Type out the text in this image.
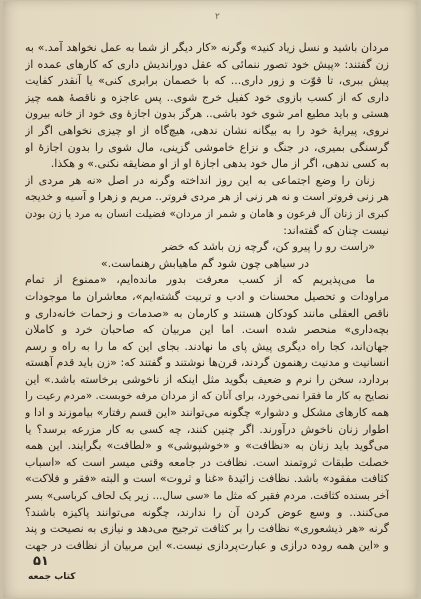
٢
مردان باشید و نسل زیاد کنید» وگرنه «کار دیگر از شما به عمل نخواهد آمد.» به
زن گفتند: «پیش خود تصور ننمائی که عقل دوراندیش داری که کارهای عمده از
پیش ببری، تا قوّت و زور داری... که با خصمان برابری کنی» یا آنقدر کفایت
داری که از کسب بازوی خود کفیل خرج شوی.. پس عاجزه و ناقصهٔ همه چیز
هستی و باید مطیع امر شوی خود باشی.. هرگز بدون اجازهٔ وی خود از خانه بیرون
نروی، پیرایهٔ خود را به بیگانه نشان ندهی، هیچ‌گاه از او چیزی نخواهی اگر از
گرسنگی بمیری، در جنگ و نزاع خاموشی گزینی، مال شوی را بدون اجازهٔ او
به کسی ندهی، اگر از مال خود بدهی اجازهٔ او از او مضایقه نکنی.» و هکذا.
زنان را وضع اجتماعی به این روز انداخته وگرنه در اصل «نه هر مردی از
هر زنی فروتر است و نه هر زنی از هر مردی فروتر.. مریم و زهرا و آسیه و خدیجه
کبری از زنان آل فرعون و هامان و شمر از مردان» فضیلت انسان به مرد یا زن بودن
نیست چنان که گفته‌اند:
«راست رو را پیرو کن، گرچه زن باشد که خضر
در سیاهی چون شود گم ماهیابش رهنماست.»
ما می‌پذیریم که از کسب معرفت بدور مانده‌ایم، «ممنوع از تمام
مراودات و تحصیل محسنات و ادب و تربیت گشته‌ایم»، معاشران ما موجودات
ناقص العقلی مانند کودکان هستند و کارمان به «صدمات و زحمات خانه‌داری و
بچه‌داری» منحصر شده است. اما این مربیان که صاحبان خرد و کاملان
جهان‌اند، کجا راه دیگری پیش پای ما نهادند. بجای این که ما را به راه و رسم
انسانیت و مدنیت رهنمون گردند، قرن‌ها نوشتند و گفتند که: «زن باید قدم آهسته
بردارد، سخن را نرم و ضعیف بگوید مثل اینکه از ناخوشی برخاسته باشد.» این
نصایح به کار ما فقرا نمی‌خورد، برای آنان که از مردان مرفه خوبست. «مردم رعیت را
همه کارهای مشکل و دشوار» چگونه می‌توانند «این قسم رفتار» بیاموزند و ادا و
اطوار زنان ناخوش درآورند. اگر چنین کنند، چه کسی به کار مزرعه برسد؟ یا
می‌گوید باید زنان به «نظافت» و «خوشپوشی» و «لطافت» بگرایند. این همه
خصلت طبقات ثروتمند است. نظافت در جامعه وقتی میسر است که «اسباب
کثافت مفقود» باشد. نظافت زائیدهٔ «غنا و ثروت» است و البته «فقر و فلاکت»
آخر بسنده کثافت. مردم فقیر که مثل ما «سی سال... زیر یک لحاف کرباسی» بسر
می‌کنند.. و وسع عوض کردن آن را ندارند، چگونه می‌توانند پاکیزه باشند؟
گرنه «هر ذیشعوری» نظافت را بر کثافت ترجیح می‌دهد و نیازی به نصیحت و پند
و «این همه روده درازی و عبارت‌پردازی نیست.» این مربیان از نظافت در جهت
۵۱
کتاب جمعه
